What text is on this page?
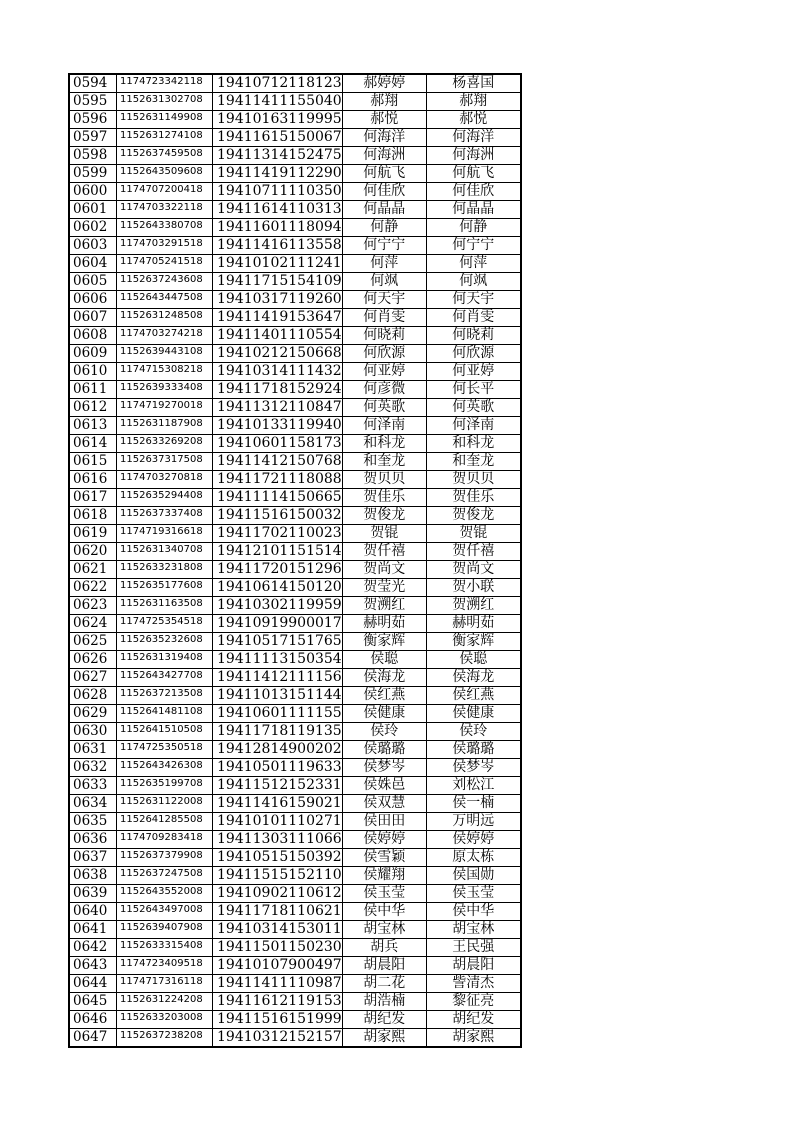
0594	1174723342118	19410712118123	郝婷婷	杨喜国
0595	1152631302708	19411411155040	郝翔	郝翔
0596	1152631149908	19410163119995	郝悦	郝悦
0597	1152631274108	19411615150067	何海洋	何海洋
0598	1152637459508	19411314152475	何海洲	何海洲
0599	1152643509608	19411419112290	何航飞	何航飞
0600	1174707200418	19410711110350	何佳欣	何佳欣
0601	1174703322118	19411614110313	何晶晶	何晶晶
0602	1152643380708	19411601118094	何静	何静
0603	1174703291518	19411416113558	何宁宁	何宁宁
0604	1174705241518	19410102111241	何萍	何萍
0605	1152637243608	19411715154109	何飒	何飒
0606	1152643447508	19410317119260	何天宇	何天宇
0607	1152631248508	19411419153647	何肖雯	何肖雯
0608	1174703274218	19411401110554	何晓莉	何晓莉
0609	1152639443108	19410212150668	何欣源	何欣源
0610	1174715308218	19410314111432	何亚婷	何亚婷
0611	1152639333408	19411718152924	何彦微	何长平
0612	1174719270018	19411312110847	何英歌	何英歌
0613	1152631187908	19410133119940	何泽南	何泽南
0614	1152633269208	19410601158173	和科龙	和科龙
0615	1152637317508	19411412150768	和奎龙	和奎龙
0616	1174703270818	19411721118088	贺贝贝	贺贝贝
0617	1152635294408	19411114150665	贺佳乐	贺佳乐
0618	1152637337408	19411516150032	贺俊龙	贺俊龙
0619	1174719316618	19411702110023	贺锟	贺锟
0620	1152631340708	19412101151514	贺仟禧	贺仟禧
0621	1152633231808	19411720151296	贺尚文	贺尚文
0622	1152635177608	19410614150120	贺莹光	贺小联
0623	1152631163508	19410302119959	贺溯红	贺溯红
0624	1174725354518	19410919900017	赫明茹	赫明茹
0625	1152635232608	19410517151765	衡家辉	衡家辉
0626	1152631319408	19411113150354	侯聪	侯聪
0627	1152643427708	19411412111156	侯海龙	侯海龙
0628	1152637213508	19411013151144	侯红燕	侯红燕
0629	1152641481108	19410601111155	侯健康	侯健康
0630	1152641510508	19411718119135	侯玲	侯玲
0631	1174725350518	19412814900202	侯璐璐	侯璐璐
0632	1152643426308	19410501119633	侯梦岑	侯梦岑
0633	1152635199708	19411512152331	侯姝邑	刘松江
0634	1152631122008	19411416159021	侯双慧	侯一楠
0635	1152641285508	19410101110271	侯田田	万明远
0636	1174709283418	19411303111066	侯婷婷	侯婷婷
0637	1152637379908	19410515150392	侯雪颖	原太栋
0638	1152637247508	19411515152110	侯耀翔	侯国勋
0639	1152643552008	19410902110612	侯玉莹	侯玉莹
0640	1152643497008	19411718110621	侯中华	侯中华
0641	1152639407908	19410314153011	胡宝林	胡宝林
0642	1152633315408	19411501150230	胡兵	王民强
0643	1174723409518	19410107900497	胡晨阳	胡晨阳
0644	1174717316118	19411411110987	胡二花	訾清杰
0645	1152631224208	19411612119153	胡浩楠	黎征亮
0646	1152633203008	19411516151999	胡纪发	胡纪发
0647	1152637238208	19410312152157	胡家熙	胡家熙
